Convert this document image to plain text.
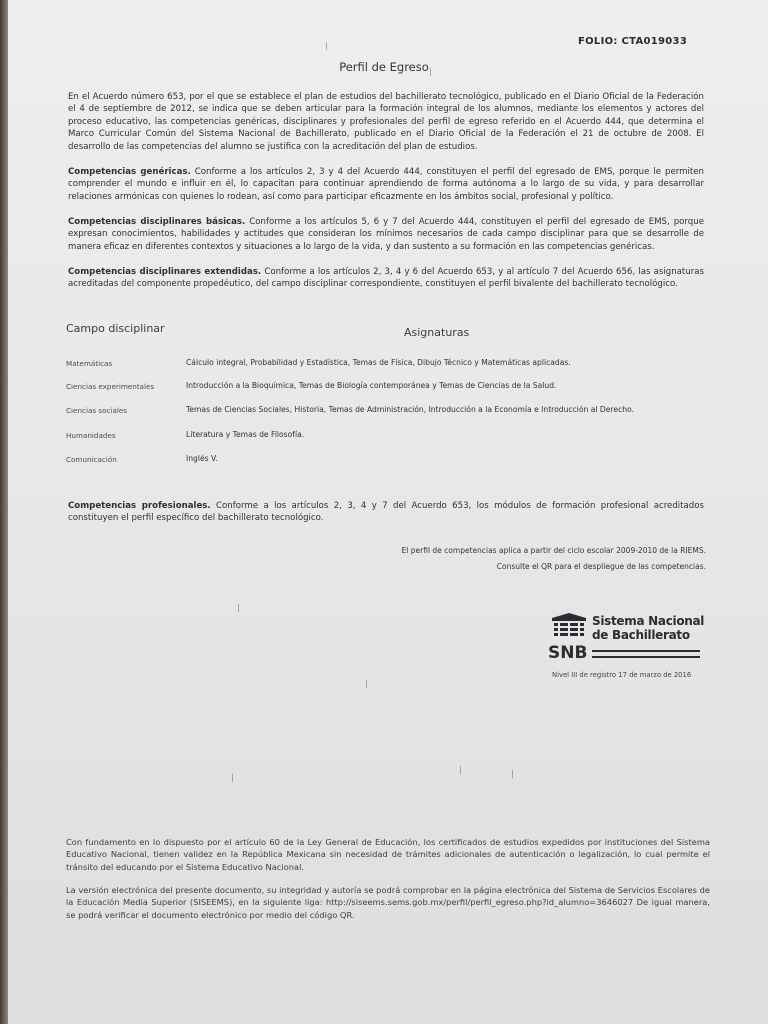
FOLIO: CTA019033
Perfil de Egreso
En el Acuerdo número 653, por el que se establece el plan de estudios del bachillerato tecnológico, publicado en el Diario Oficial de la Federación el 4 de septiembre de 2012, se indica que se deben articular para la formación integral de los alumnos, mediante los elementos y actores del proceso educativo, las competencias genéricas, disciplinares y profesionales del perfil de egreso referido en el Acuerdo 444, que determina el Marco Curricular Común del Sistema Nacional de Bachillerato, publicado en el Diario Oficial de la Federación el 21 de octubre de 2008. El desarrollo de las competencias del alumno se justifica con la acreditación del plan de estudios.
Competencias genéricas. Conforme a los artículos 2, 3 y 4 del Acuerdo 444, constituyen el perfil del egresado de EMS, porque le permiten comprender el mundo e influir en él, lo capacitan para continuar aprendiendo de forma autónoma a lo largo de su vida, y para desarrollar relaciones armónicas con quienes lo rodean, así como para participar eficazmente en los ámbitos social, profesional y político.
Competencias disciplinares básicas. Conforme a los artículos 5, 6 y 7 del Acuerdo 444, constituyen el perfil del egresado de EMS, porque expresan conocimientos, habilidades y actitudes que consideran los mínimos necesarios de cada campo disciplinar para que se desarrolle de manera eficaz en diferentes contextos y situaciones a lo largo de la vida, y dan sustento a su formación en las competencias genéricas.
Competencias disciplinares extendidas. Conforme a los artículos 2, 3, 4 y 6 del Acuerdo 653, y al artículo 7 del Acuerdo 656, las asignaturas acreditadas del componente propedéutico, del campo disciplinar correspondiente, constituyen el perfil bivalente del bachillerato tecnológico.
Campo disciplinar	Asignaturas
Matemáticas	Cálculo integral, Probabilidad y Estadística, Temas de Física, Dibujo Técnico y Matemáticas aplicadas.
Ciencias experimentales	Introducción a la Bioquímica, Temas de Biología contemporánea y Temas de Ciencias de la Salud.
Ciencias sociales	Temas de Ciencias Sociales, Historia, Temas de Administración, Introducción a la Economía e Introducción al Derecho.
Humanidades	Literatura y Temas de Filosofía.
Comunicación	Inglés V.
Competencias profesionales. Conforme a los artículos 2, 3, 4 y 7 del Acuerdo 653, los módulos de formación profesional acreditados constituyen el perfil específico del bachillerato tecnológico.
El perfil de competencias aplica a partir del ciclo escolar 2009-2010 de la RIEMS.
Consulte el QR para el despliegue de las competencias.
Sistema Nacional
de Bachillerato
SNB
Nivel III de registro 17 de marzo de 2016
Con fundamento en lo dispuesto por el artículo 60 de la Ley General de Educación, los certificados de estudios expedidos por instituciones del Sistema Educativo Nacional, tienen validez en la República Mexicana sin necesidad de trámites adicionales de autenticación o legalización, lo cual permite el tránsito del educando por el Sistema Educativo Nacional.
La versión electrónica del presente documento, su integridad y autoría se podrá comprobar en la página electrónica del Sistema de Servicios Escolares de la Educación Media Superior (SISEEMS), en la siguiente liga: http://siseems.sems.gob.mx/perfil/perfil_egreso.php?id_alumno=3646027 De igual manera, se podrá verificar el documento electrónico por medio del código QR.
